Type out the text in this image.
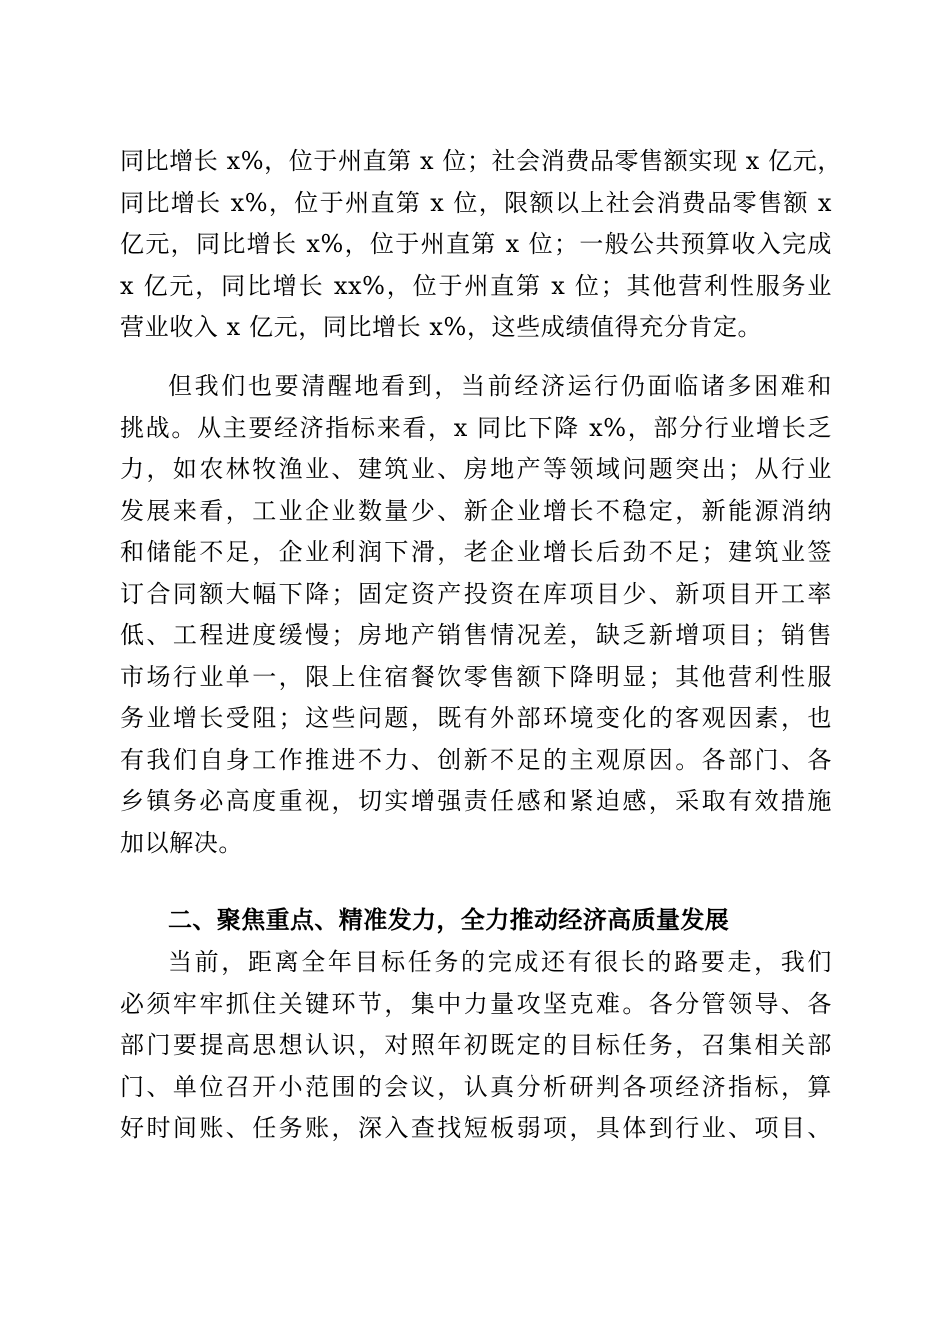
同比增长 x%，位于州直第 x 位；社会消费品零售额实现 x 亿元，
同比增长 x%，位于州直第 x 位，限额以上社会消费品零售额 x
亿元，同比增长 x%，位于州直第 x 位；一般公共预算收入完成
x 亿元，同比增长 xx%，位于州直第 x 位；其他营利性服务业
营业收入 x 亿元，同比增长 x%，这些成绩值得充分肯定。
但我们也要清醒地看到，当前经济运行仍面临诸多困难和
挑战。从主要经济指标来看，x 同比下降 x%，部分行业增长乏
力，如农林牧渔业、建筑业、房地产等领域问题突出；从行业
发展来看，工业企业数量少、新企业增长不稳定，新能源消纳
和储能不足，企业利润下滑，老企业增长后劲不足；建筑业签
订合同额大幅下降；固定资产投资在库项目少、新项目开工率
低、工程进度缓慢；房地产销售情况差，缺乏新增项目；销售
市场行业单一，限上住宿餐饮零售额下降明显；其他营利性服
务业增长受阻；这些问题，既有外部环境变化的客观因素，也
有我们自身工作推进不力、创新不足的主观原因。各部门、各
乡镇务必高度重视，切实增强责任感和紧迫感，采取有效措施
加以解决。
二、聚焦重点、精准发力，全力推动经济高质量发展
当前，距离全年目标任务的完成还有很长的路要走，我们
必须牢牢抓住关键环节，集中力量攻坚克难。各分管领导、各
部门要提高思想认识，对照年初既定的目标任务，召集相关部
门、单位召开小范围的会议，认真分析研判各项经济指标，算
好时间账、任务账，深入查找短板弱项，具体到行业、项目、
